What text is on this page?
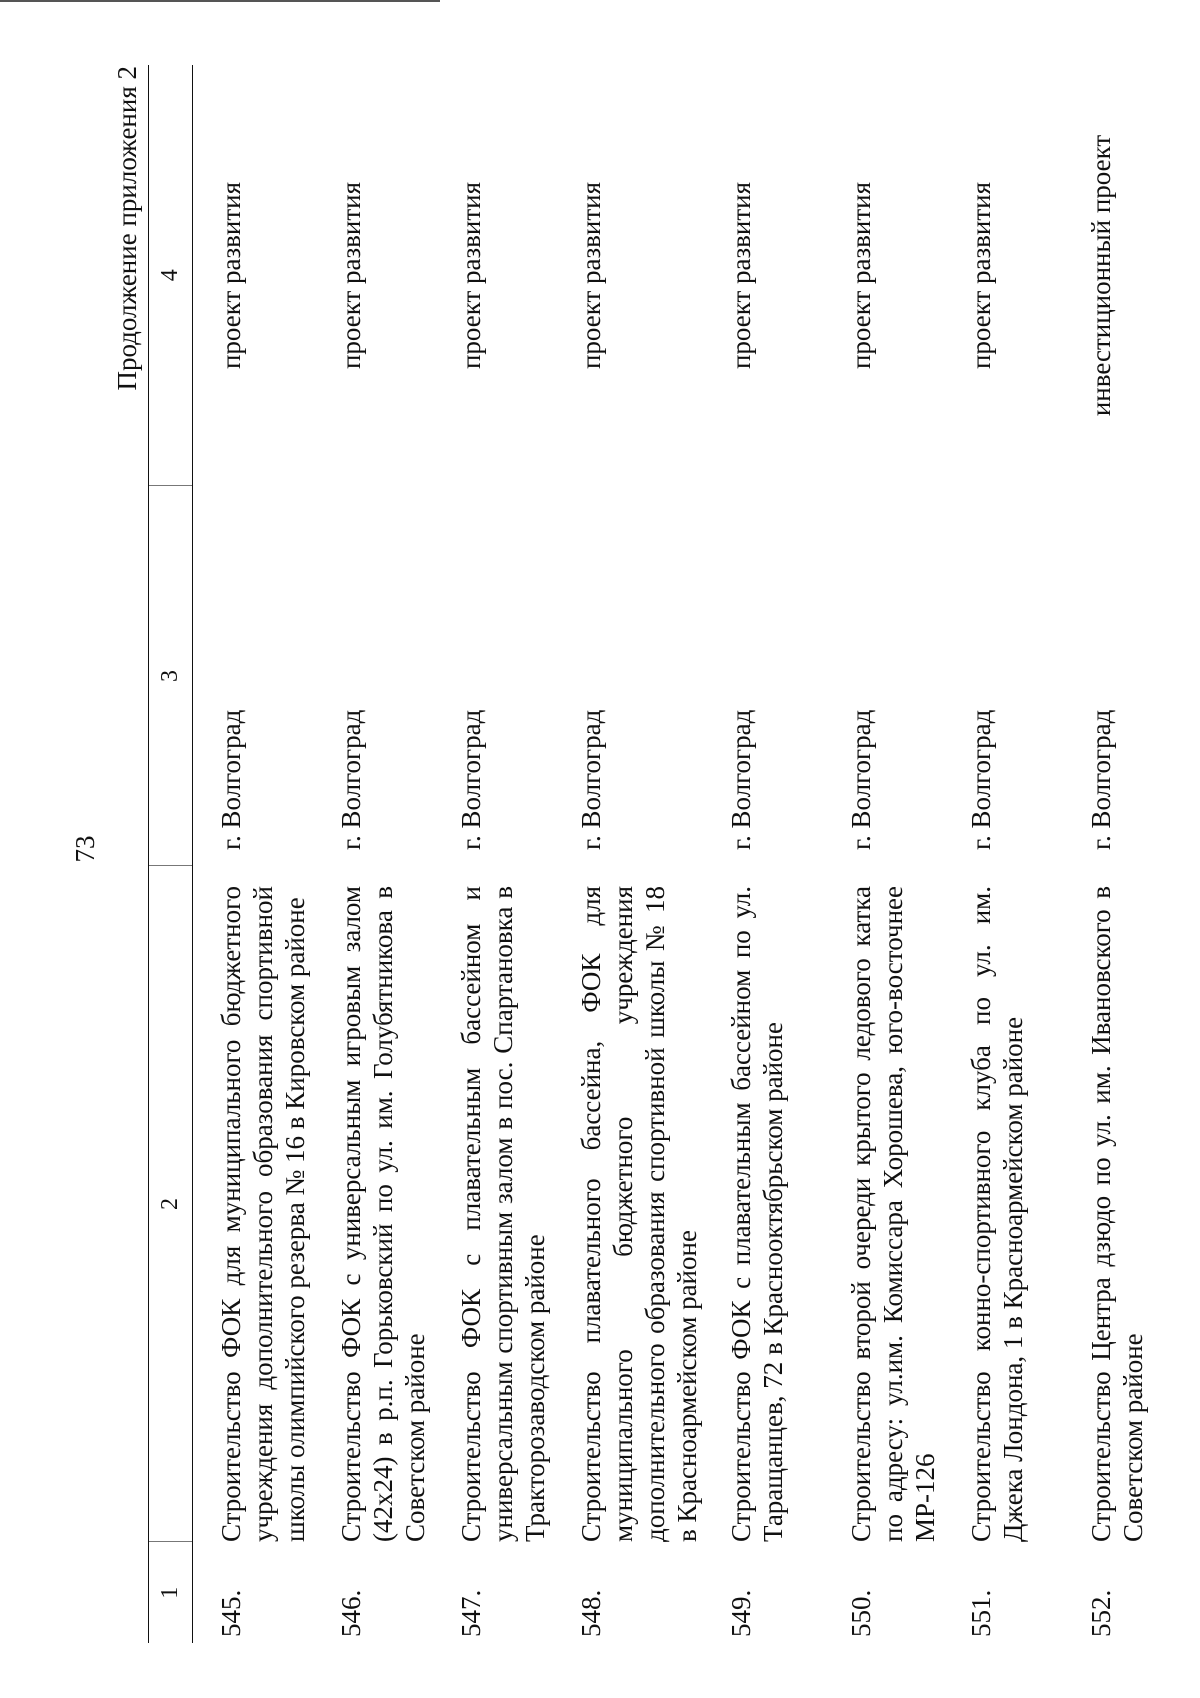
73
Продолжение приложения 2
1	2	3	4
545.	Строительство ФОК для муниципального бюджетного учреждения дополнительного образования спортивной школы олимпийского резерва № 16 в Кировском районе	г. Волгоград	проект развития
546.	Строительство ФОК с универсальным игровым залом (42x24) в р.п. Горьковский по ул. им. Голубятникова в Советском районе	г. Волгоград	проект развития
547.	Строительство ФОК с плавательным бассейном и универсальным спортивным залом в пос. Спартановка в Тракторозаводском районе	г. Волгоград	проект развития
548.	Строительство плавательного бассейна, ФОК для муниципального бюджетного учреждения дополнительного образования спортивной школы № 18 в Красноармейском районе	г. Волгоград	проект развития
549.	Строительство ФОК с плавательным бассейном по ул. Таращанцев, 72 в Краснооктябрьском районе	г. Волгоград	проект развития
550.	Строительство второй очереди крытого ледового катка по адресу: ул.им. Комиссара Хорошева, юго-восточнее МР-126	г. Волгоград	проект развития
551.	Строительство конно-спортивного клуба по ул. им. Джека Лондона, 1 в Красноармейском районе	г. Волгоград	проект развития
552.	Строительство Центра дзюдо по ул. им. Ивановского в Советском районе	г. Волгоград	инвестиционный проект
